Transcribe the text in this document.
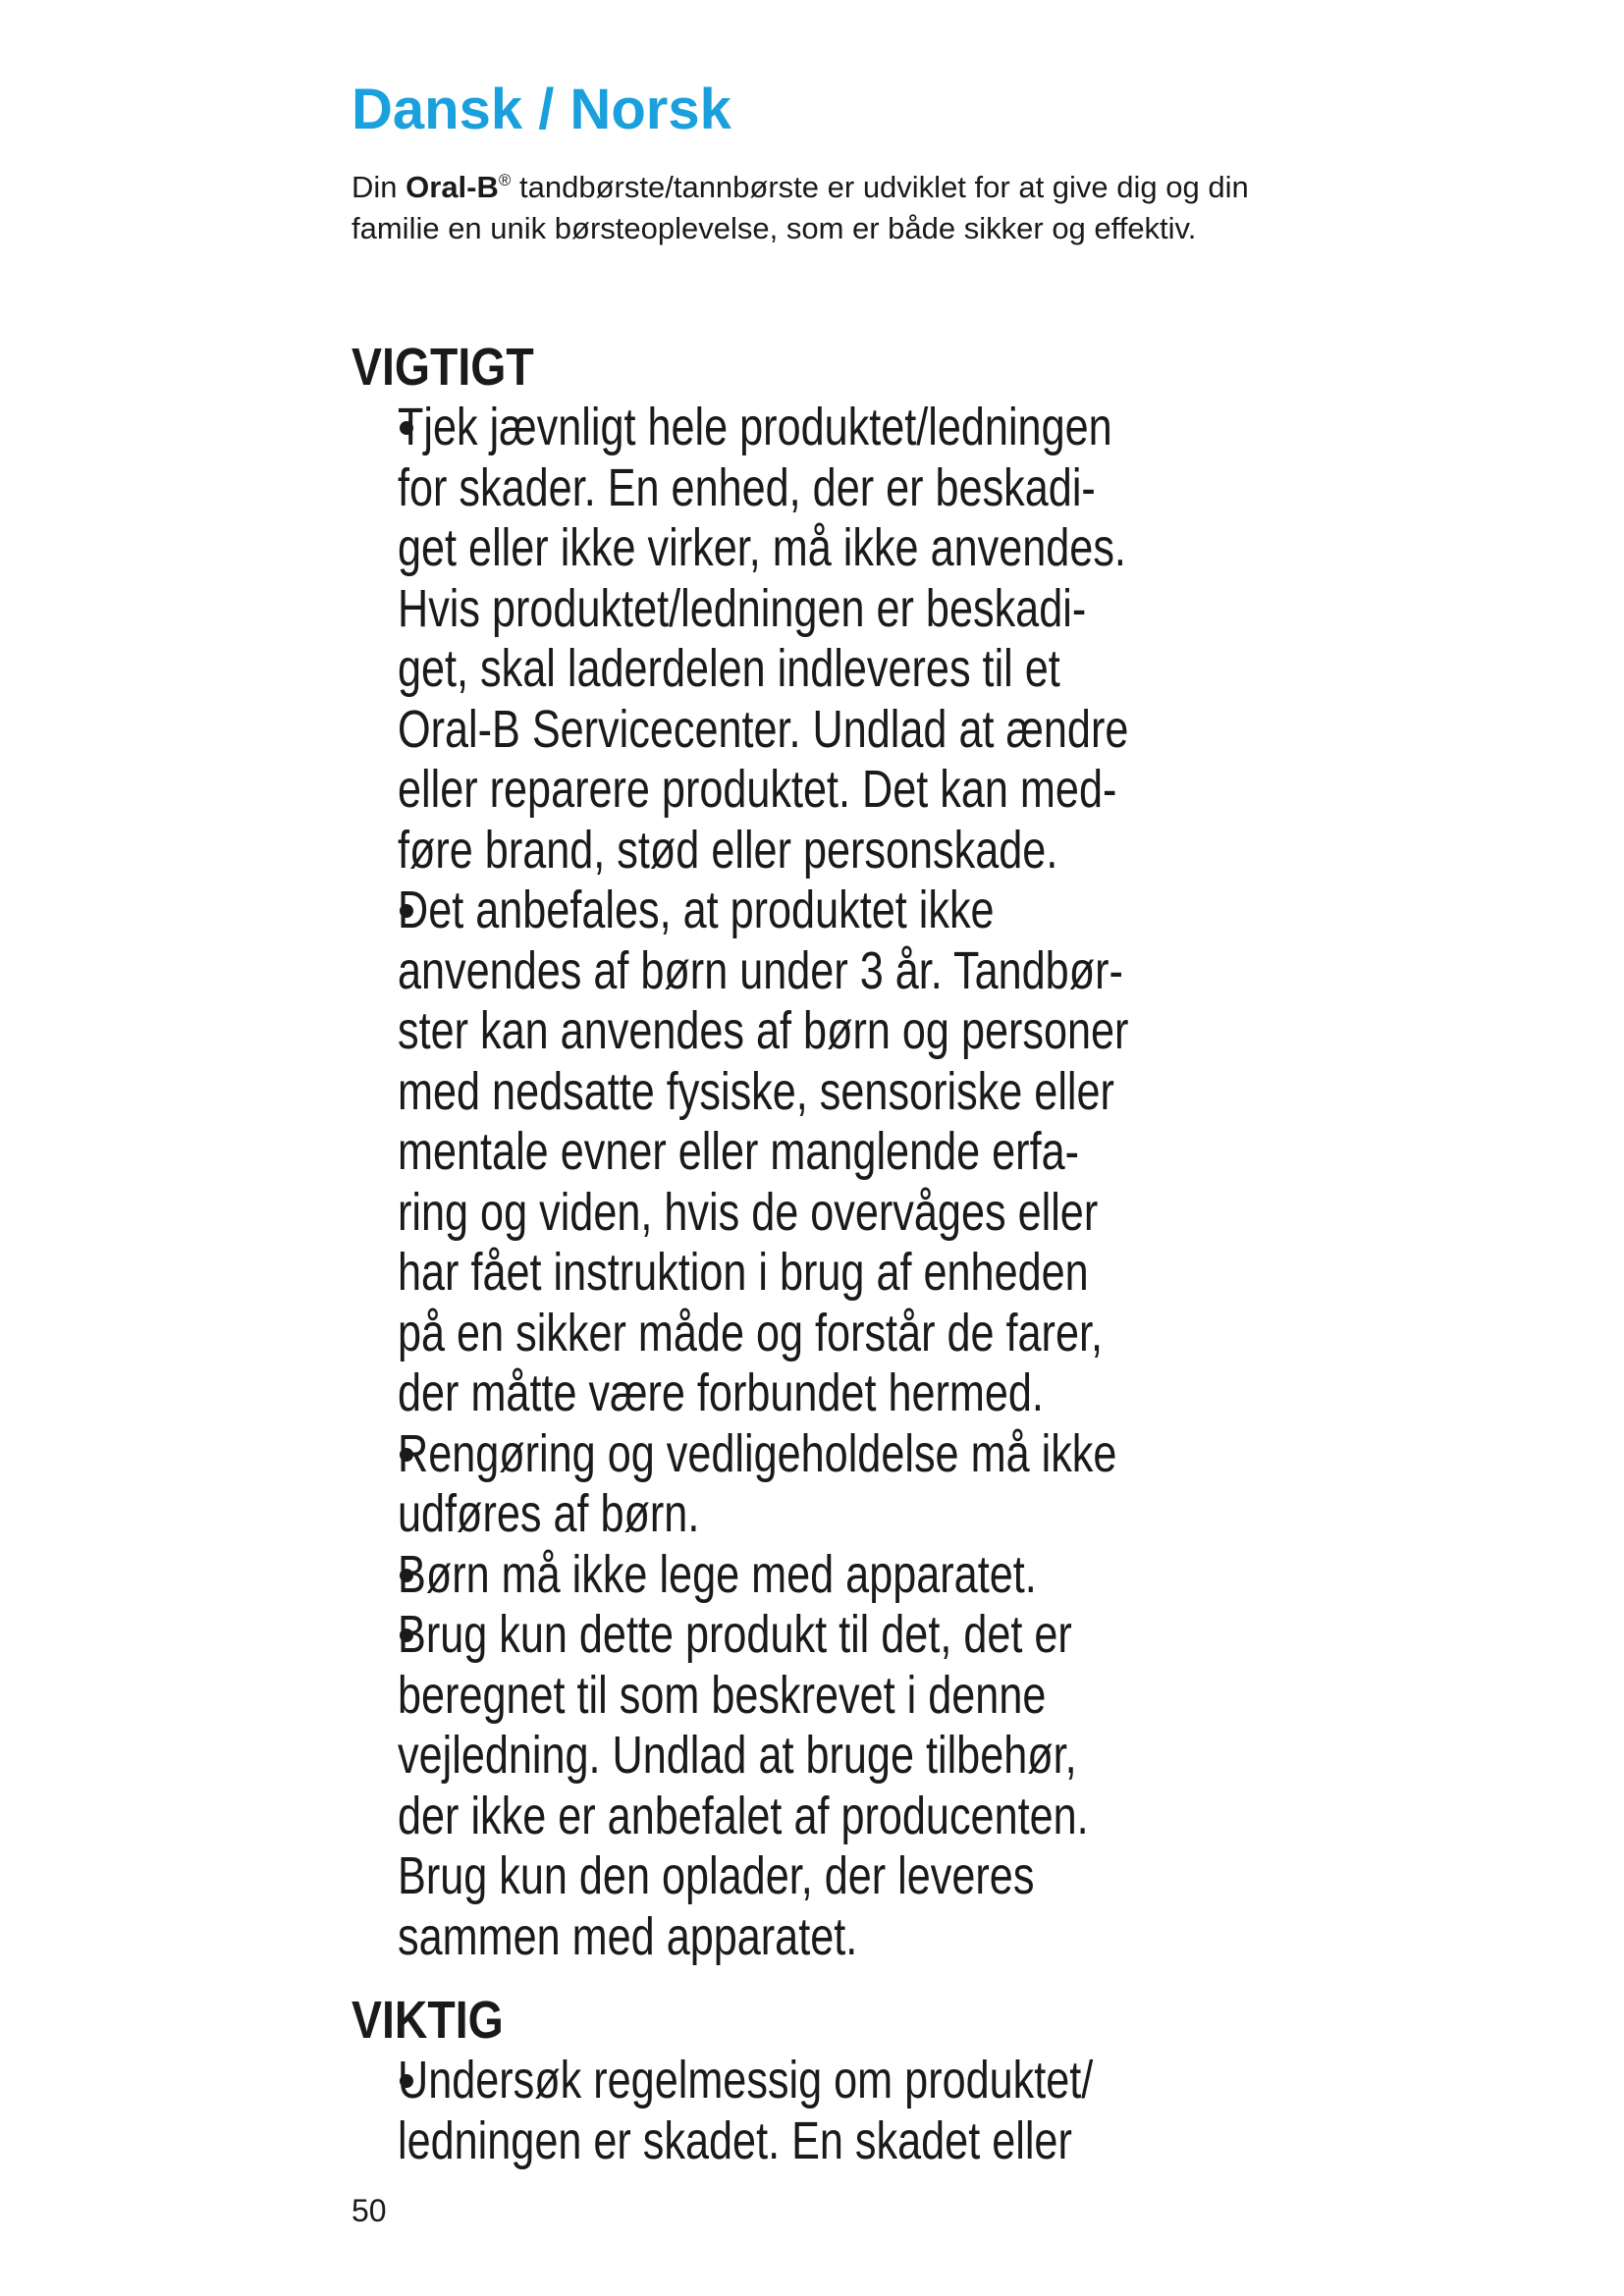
Dansk / Norsk

Din Oral-B® tandbørste/tannbørste er udviklet for at give dig og din familie en unik børsteoplevelse, som er både sikker og effektiv.

VIGTIGT
Tjek jævnligt hele produktet/ledningen
for skader. En enhed, der er beskadi-
get eller ikke virker, må ikke anvendes.
Hvis produktet/ledningen er beskadi-
get, skal laderdelen indleveres til et
Oral-B Servicecenter. Undlad at ændre
eller reparere produktet. Det kan med-
føre brand, stød eller personskade.
Det anbefales, at produktet ikke
anvendes af børn under 3 år. Tandbør-
ster kan anvendes af børn og personer
med nedsatte fysiske, sensoriske eller
mentale evner eller manglende erfa-
ring og viden, hvis de overvåges eller
har fået instruktion i brug af enheden
på en sikker måde og forstår de farer,
der måtte være forbundet hermed.
Rengøring og vedligeholdelse må ikke
udføres af børn.
Børn må ikke lege med apparatet.
Brug kun dette produkt til det, det er
beregnet til som beskrevet i denne
vejledning. Undlad at bruge tilbehør,
der ikke er anbefalet af producenten.
Brug kun den oplader, der leveres
sammen med apparatet.
VIKTIG
Undersøk regelmessig om produktet/
ledningen er skadet. En skadet eller

50
